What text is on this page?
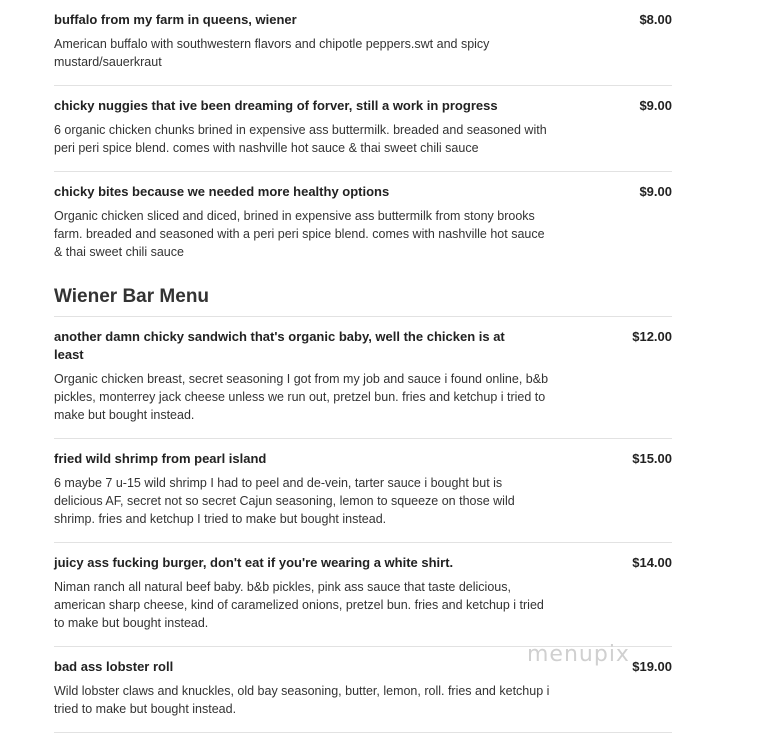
$8.00
buffalo from my farm in queens, wiener
American buffalo with southwestern flavors and chipotle peppers.swt and spicy mustard/sauerkraut
$9.00
chicky nuggies that ive been dreaming of forver, still a work in progress
6 organic chicken chunks brined in expensive ass buttermilk. breaded and seasoned with peri peri spice blend. comes with nashville hot sauce & thai sweet chili sauce
$9.00
chicky bites because we needed more healthy options
Organic chicken sliced and diced, brined in expensive ass buttermilk from stony brooks farm. breaded and seasoned with a peri peri spice blend. comes with nashville hot sauce & thai sweet chili sauce
Wiener Bar Menu
$12.00
another damn chicky sandwich that's organic baby, well the chicken is at least
Organic chicken breast, secret seasoning I got from my job and sauce i found online, b&b pickles, monterrey jack cheese unless we run out, pretzel bun. fries and ketchup i tried to make but bought instead.
$15.00
fried wild shrimp from pearl island
6 maybe 7 u-15 wild shrimp I had to peel and de-vein, tarter sauce i bought but is delicious AF, secret not so secret Cajun seasoning, lemon to squeeze on those wild shrimp. fries and ketchup I tried to make but bought instead.
$14.00
juicy ass fucking burger, don't eat if you're wearing a white shirt.
Niman ranch all natural beef baby. b&b pickles, pink ass sauce that taste delicious, american sharp cheese, kind of caramelized onions, pretzel bun. fries and ketchup i tried to make but bought instead.
$19.00
bad ass lobster roll
Wild lobster claws and knuckles, old bay seasoning, butter, lemon, roll. fries and ketchup i tried to make but bought instead.
menupix
